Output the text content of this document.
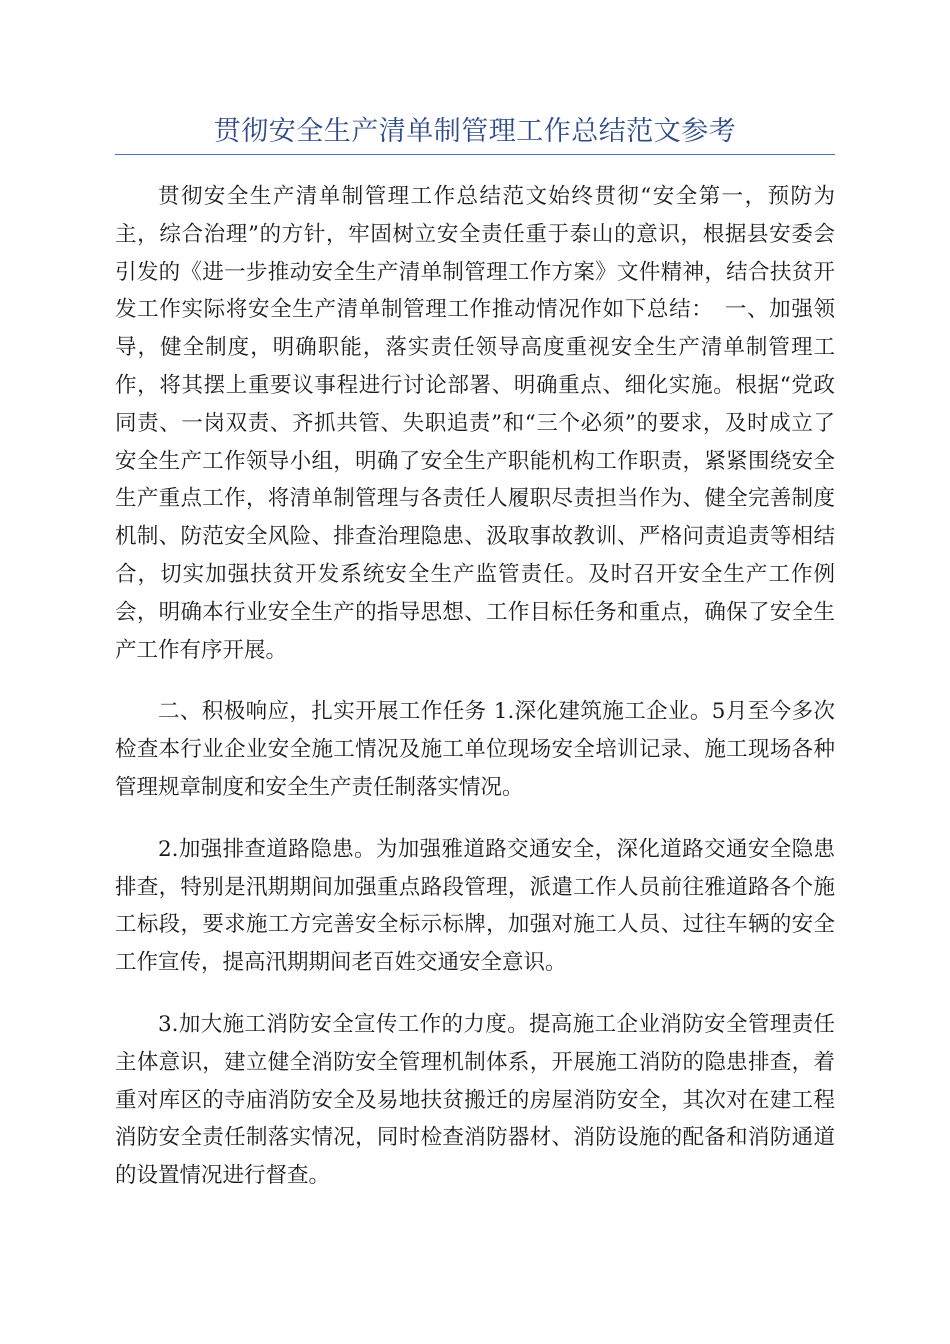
贯彻安全生产清单制管理工作总结范文参考

贯彻安全生产清单制管理工作总结范文始终贯彻“安全第一，预防为主，综合治理”的方针，牢固树立安全责任重于泰山的意识，根据县安委会引发的《进一步推动安全生产清单制管理工作方案》文件精神，结合扶贫开发工作实际将安全生产清单制管理工作推动情况作如下总结：　一、加强领导，健全制度，明确职能，落实责任领导高度重视安全生产清单制管理工作，将其摆上重要议事程进行讨论部署、明确重点、细化实施。根据“党政同责、一岗双责、齐抓共管、失职追责”和“三个必须”的要求，及时成立了安全生产工作领导小组，明确了安全生产职能机构工作职责，紧紧围绕安全生产重点工作，将清单制管理与各责任人履职尽责担当作为、健全完善制度机制、防范安全风险、排查治理隐患、汲取事故教训、严格问责追责等相结合，切实加强扶贫开发系统安全生产监管责任。及时召开安全生产工作例会，明确本行业安全生产的指导思想、工作目标任务和重点，确保了安全生产工作有序开展。

二、积极响应，扎实开展工作任务 1.深化建筑施工企业。5月至今多次检查本行业企业安全施工情况及施工单位现场安全培训记录、施工现场各种管理规章制度和安全生产责任制落实情况。

2.加强排查道路隐患。为加强雅道路交通安全，深化道路交通安全隐患排查，特别是汛期期间加强重点路段管理，派遣工作人员前往雅道路各个施工标段，要求施工方完善安全标示标牌，加强对施工人员、过往车辆的安全工作宣传，提高汛期期间老百姓交通安全意识。

3.加大施工消防安全宣传工作的力度。提高施工企业消防安全管理责任主体意识，建立健全消防安全管理机制体系，开展施工消防的隐患排查，着重对库区的寺庙消防安全及易地扶贫搬迁的房屋消防安全，其次对在建工程消防安全责任制落实情况，同时检查消防器材、消防设施的配备和消防通道的设置情况进行督查。
